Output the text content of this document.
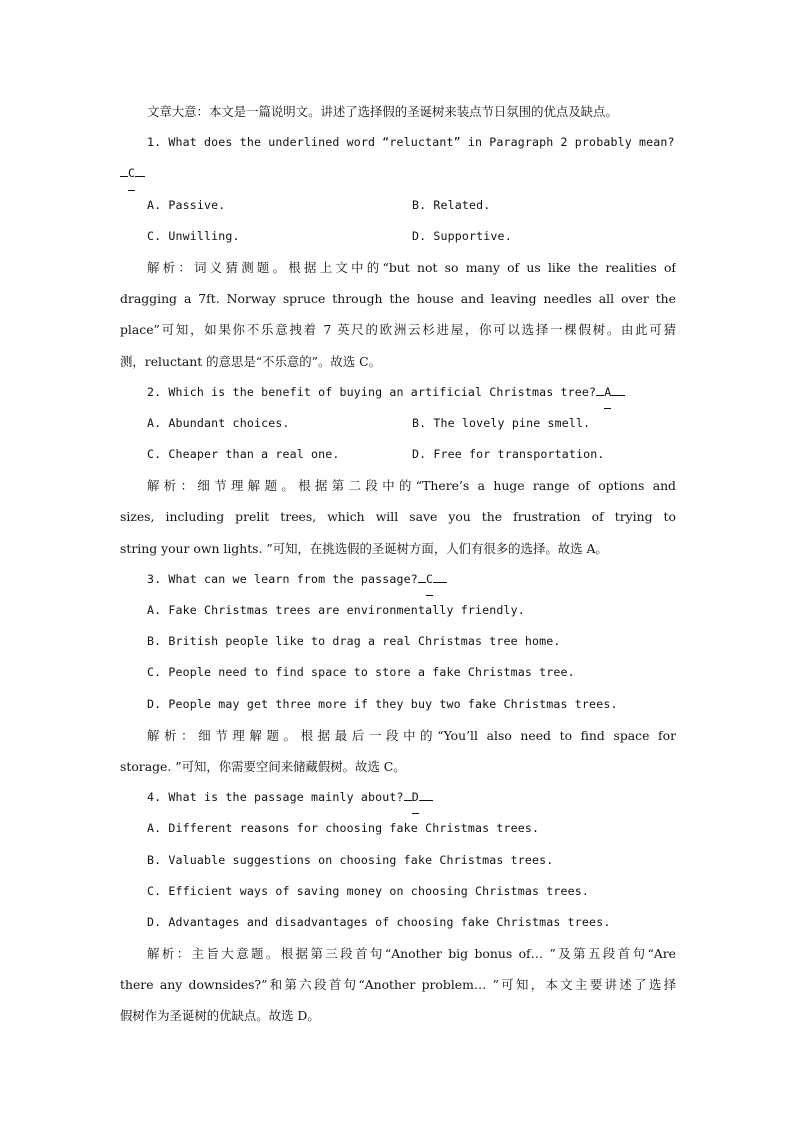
文章大意：本文是一篇说明文。讲述了选择假的圣诞树来装点节日氛围的优点及缺点。
1. What does the underlined word “reluctant” in Paragraph 2 probably mean?
C
A. Passive.	B. Related.
C. Unwilling.	D. Supportive.
解析：词义猜测题。根据上文中的“but not so many of us like the realities of
dragging a 7ft. Norway spruce through the house and leaving needles all over the
place”可知，如果你不乐意拽着 7 英尺的欧洲云杉进屋，你可以选择一棵假树。由此可猜
测，reluctant 的意思是“不乐意的”。故选 C。
2. Which is the benefit of buying an artificial Christmas tree? A
A. Abundant choices.	B. The lovely pine smell.
C. Cheaper than a real one.	D. Free for transportation.
解析：细节理解题。根据第二段中的“There’s a huge range of options and
sizes, including prelit trees, which will save you the frustration of trying to
string your own lights. ”可知，在挑选假的圣诞树方面，人们有很多的选择。故选 A。
3. What can we learn from the passage? C
A. Fake Christmas trees are environmentally friendly.
B. British people like to drag a real Christmas tree home.
C. People need to find space to store a fake Christmas tree.
D. People may get three more if they buy two fake Christmas trees.
解析：细节理解题。根据最后一段中的“You’ll also need to find space for
storage. ”可知，你需要空间来储藏假树。故选 C。
4. What is the passage mainly about? D
A. Different reasons for choosing fake Christmas trees.
B. Valuable suggestions on choosing fake Christmas trees.
C. Efficient ways of saving money on choosing Christmas trees.
D. Advantages and disadvantages of choosing fake Christmas trees.
解析：主旨大意题。根据第三段首句“Another big bonus of… ”及第五段首句“Are
there any downsides?”和第六段首句“Another problem… ”可知，本文主要讲述了选择
假树作为圣诞树的优缺点。故选 D。
